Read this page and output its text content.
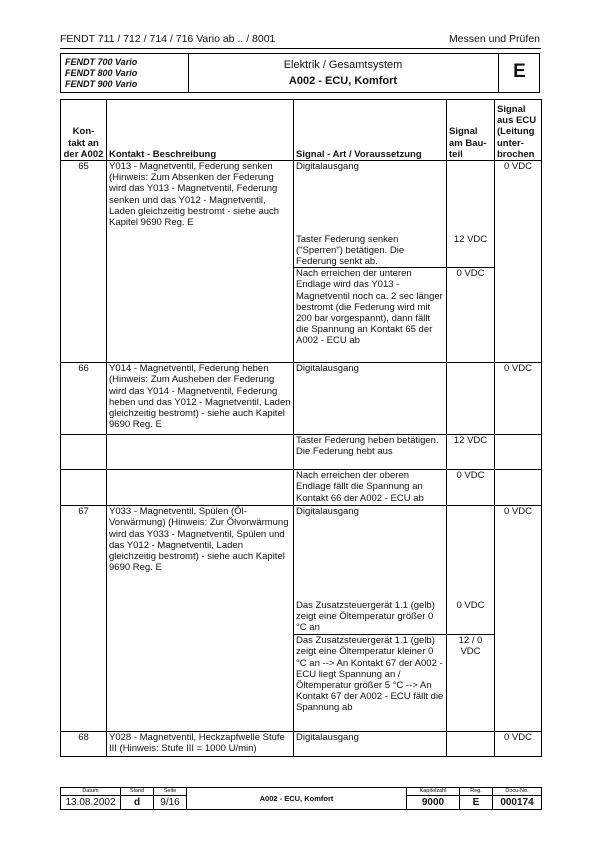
FENDT 711 / 712 / 714 / 716 Vario ab .. / 8001	Messen und Prüfen
FENDT 700 Vario
FENDT 800 Vario
FENDT 900 Vario
Elektrik / Gesamtsystem
A002 - ECU, Komfort	E
Kon- takt an der A002	Kontakt - Beschreibung	Signal - Art / Voraussetzung	Signal am Bau- teil	Signal aus ECU (Leitung unter- brochen
65	Y013 - Magnetventil, Federung senken (Hinweis: Zum Absenken der Federung wird das Y013 - Magnetventil, Federung senken und das Y012 - Magnetventil, Laden gleichzeitig bestromt - siehe auch Kapitel 9690 Reg. E	Digitalausgang		0 VDC
		Taster Federung senken ("Sperren") betätigen. Die Federung senkt ab.	12 VDC	
		Nach erreichen der unteren Endlage wird das Y013 - Magnetventil noch ca. 2 sec länger bestromt (die Federung wird mit 200 bar vorgespannt), dann fällt die Spannung an Kontakt 65 der A002 - ECU ab	0 VDC	
66	Y014 - Magnetventil, Federung heben (Hinweis: Zum Ausheben der Federung wird das Y014 - Magnetventil, Federung heben und das Y012 - Magnetventil, Laden gleichzeitig bestromt) - siehe auch Kapitel 9690 Reg. E	Digitalausgang		0 VDC
		Taster Federung heben betätigen. Die Federung hebt aus	12 VDC	
		Nach erreichen der oberen Endlage fällt die Spannung an Kontakt 66 der A002 - ECU ab	0 VDC	
67	Y033 - Magnetventil, Spülen (Öl-Vorwärmung) (Hinweis: Zur Ölvorwärmung wird das Y033 - Magnetventil, Spülen und das Y012 - Magnetventil, Laden gleichzeitig bestromt) - siehe auch Kapitel 9690 Reg. E	Digitalausgang		0 VDC
		Das Zusatzsteuergerät 1.1 (gelb) zeigt eine Öltemperatur größer 0 °C an	0 VDC	
		Das Zusatzsteuergerät 1.1 (gelb) zeigt eine Öltemperatur kleiner 0 °C an --> An Kontakt 67 der A002 - ECU liegt Spannung an / Öltemperatur größer 5 °C --> An Kontakt 67 der A002 - ECU fällt die Spannung ab	12 / 0 VDC	
68	Y028 - Magnetventil, Heckzapfwelle Stufe III (Hinweis: Stufe III = 1000 U/min)	Digitalausgang		0 VDC
Datum	Stand	Seite	A002 - ECU, Komfort	Kapitelzahl	Reg.	Docu-No.
13.08.2002	d	9/16		9000	E	000174
